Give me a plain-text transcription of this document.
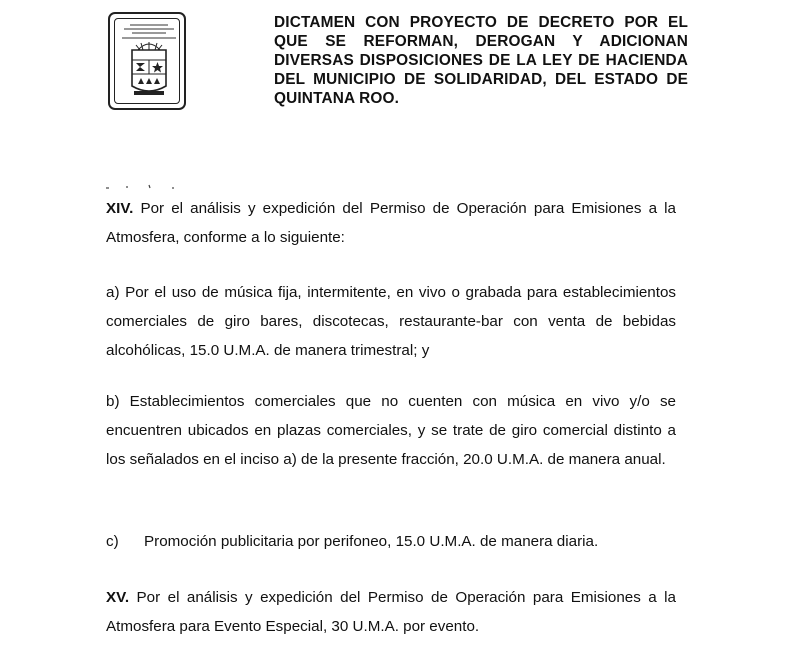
DICTAMEN CON PROYECTO DE DECRETO POR EL QUE SE REFORMAN, DEROGAN Y ADICIONAN DIVERSAS DISPOSICIONES DE LA LEY DE HACIENDA DEL MUNICIPIO DE SOLIDARIDAD, DEL ESTADO DE QUINTANA ROO.

XIV. Por el análisis y expedición del Permiso de Operación para Emisiones a la Atmosfera, conforme a lo siguiente:

a) Por el uso de música fija, intermitente, en vivo o grabada para establecimientos comerciales de giro bares, discotecas, restaurante-bar con venta de bebidas alcohólicas, 15.0 U.M.A. de manera trimestral; y

b) Establecimientos comerciales que no cuenten con música en vivo y/o se encuentren ubicados en plazas comerciales, y se trate de giro comercial distinto a los señalados en el inciso a) de la presente fracción, 20.0 U.M.A. de manera anual.

c) Promoción publicitaria por perifoneo, 15.0 U.M.A. de manera diaria.

XV. Por el análisis y expedición del Permiso de Operación para Emisiones a la Atmosfera para Evento Especial, 30 U.M.A. por evento.
